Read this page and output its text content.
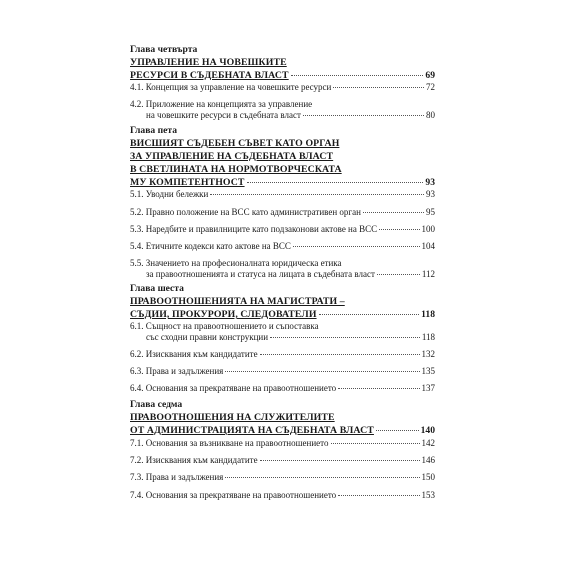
Глава четвърта
УПРАВЛЕНИЕ НА ЧОВЕШКИТЕ
РЕСУРСИ В СЪДЕБНАТА ВЛАСТ	69
4.1. Концепция за управление на човешките ресурси	72
4.2. Приложение на концепцията за управление
на човешките ресурси в съдебната власт	80
Глава пета
ВИСШИЯТ СЪДЕБЕН СЪВЕТ КАТО ОРГАН
ЗА УПРАВЛЕНИЕ НА СЪДЕБНАТА ВЛАСТ
В СВЕТЛИНАТА НА НОРМОТВОРЧЕСКАТА
МУ КОМПЕТЕНТНОСТ	93
5.1. Уводни бележки	93
5.2. Правно положение на ВСС като административен орган	95
5.3. Наредбите и правилниците като подзаконови актове на ВСС	100
5.4. Етичните кодекси като актове на ВСС	104
5.5. Значението на професионалната юридическа етика
за правоотношенията и статуса на лицата в съдебната власт	112
Глава шеста
ПРАВООТНОШЕНИЯТА НА МАГИСТРАТИ –
СЪДИИ, ПРОКУРОРИ, СЛЕДОВАТЕЛИ	118
6.1. Същност на правоотношението и съпоставка
със сходни правни конструкции	118
6.2. Изисквания към кандидатите	132
6.3. Права и задължения	135
6.4. Основания за прекратяване на правоотношението	137
Глава седма
ПРАВООТНОШЕНИЯ НА СЛУЖИТЕЛИТЕ
ОТ АДМИНИСТРАЦИЯТА НА СЪДЕБНАТА ВЛАСТ	140
7.1. Основания за възникване на правоотношението	142
7.2. Изисквания към кандидатите	146
7.3. Права и задължения	150
7.4. Основания за прекратяване на правоотношението	153
